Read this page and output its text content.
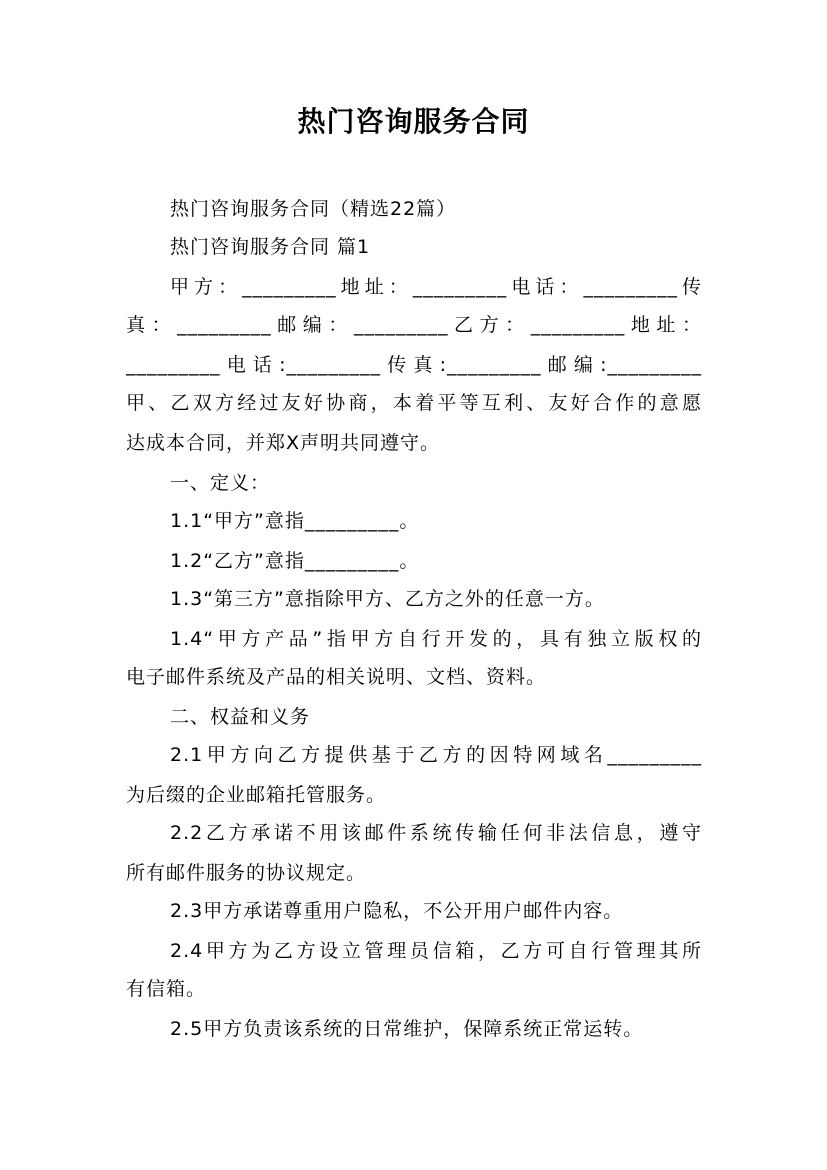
热门咨询服务合同
热门咨询服务合同（精选22篇）
热门咨询服务合同 篇1
甲方：_________地址：_________电话：_________传
真：_________邮编：_________乙方：_________地址：
_________电话:_________传真:_________邮编:_________
甲、乙双方经过友好协商，本着平等互利、友好合作的意愿
达成本合同，并郑X声明共同遵守。
一、定义：
1.1“甲方”意指_________。
1.2“乙方”意指_________。
1.3“第三方”意指除甲方、乙方之外的任意一方。
1.4“甲方产品”指甲方自行开发的，具有独立版权的
电子邮件系统及产品的相关说明、文档、资料。
二、权益和义务
2.1甲方向乙方提供基于乙方的因特网域名_________
为后缀的企业邮箱托管服务。
2.2乙方承诺不用该邮件系统传输任何非法信息，遵守
所有邮件服务的协议规定。
2.3甲方承诺尊重用户隐私，不公开用户邮件内容。
2.4甲方为乙方设立管理员信箱，乙方可自行管理其所
有信箱。
2.5甲方负责该系统的日常维护，保障系统正常运转。
